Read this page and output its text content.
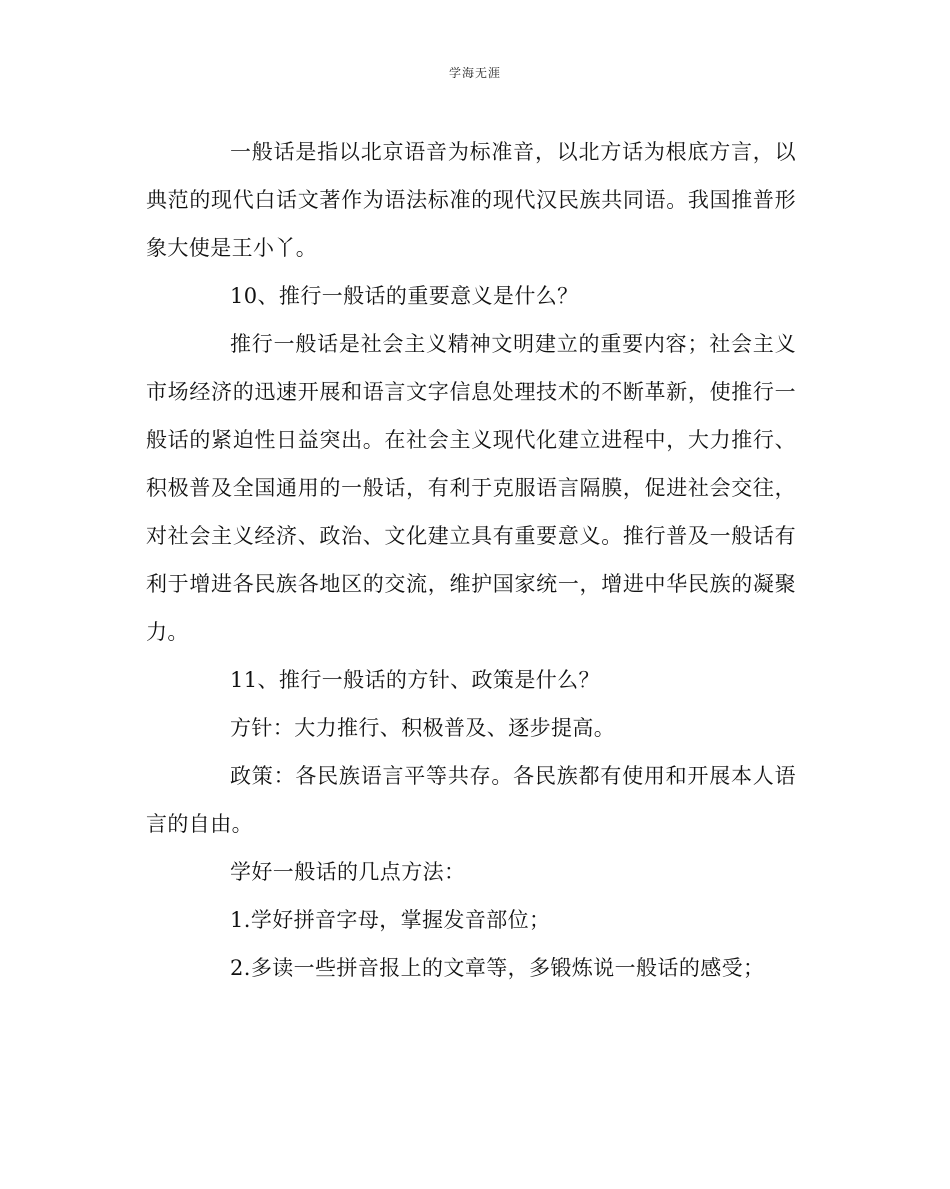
学海无涯

一般话是指以北京语音为标准音，以北方话为根底方言，以典范的现代白话文著作为语法标准的现代汉民族共同语。我国推普形象大使是王小丫。

10、推行一般话的重要意义是什么？

推行一般话是社会主义精神文明建立的重要内容；社会主义市场经济的迅速开展和语言文字信息处理技术的不断革新，使推行一般话的紧迫性日益突出。在社会主义现代化建立进程中，大力推行、积极普及全国通用的一般话，有利于克服语言隔膜，促进社会交往，对社会主义经济、政治、文化建立具有重要意义。推行普及一般话有利于增进各民族各地区的交流，维护国家统一，增进中华民族的凝聚力。

11、推行一般话的方针、政策是什么？

方针：大力推行、积极普及、逐步提高。

政策：各民族语言平等共存。各民族都有使用和开展本人语言的自由。

学好一般话的几点方法：

1.学好拼音字母，掌握发音部位；

2.多读一些拼音报上的文章等，多锻炼说一般话的感受；
